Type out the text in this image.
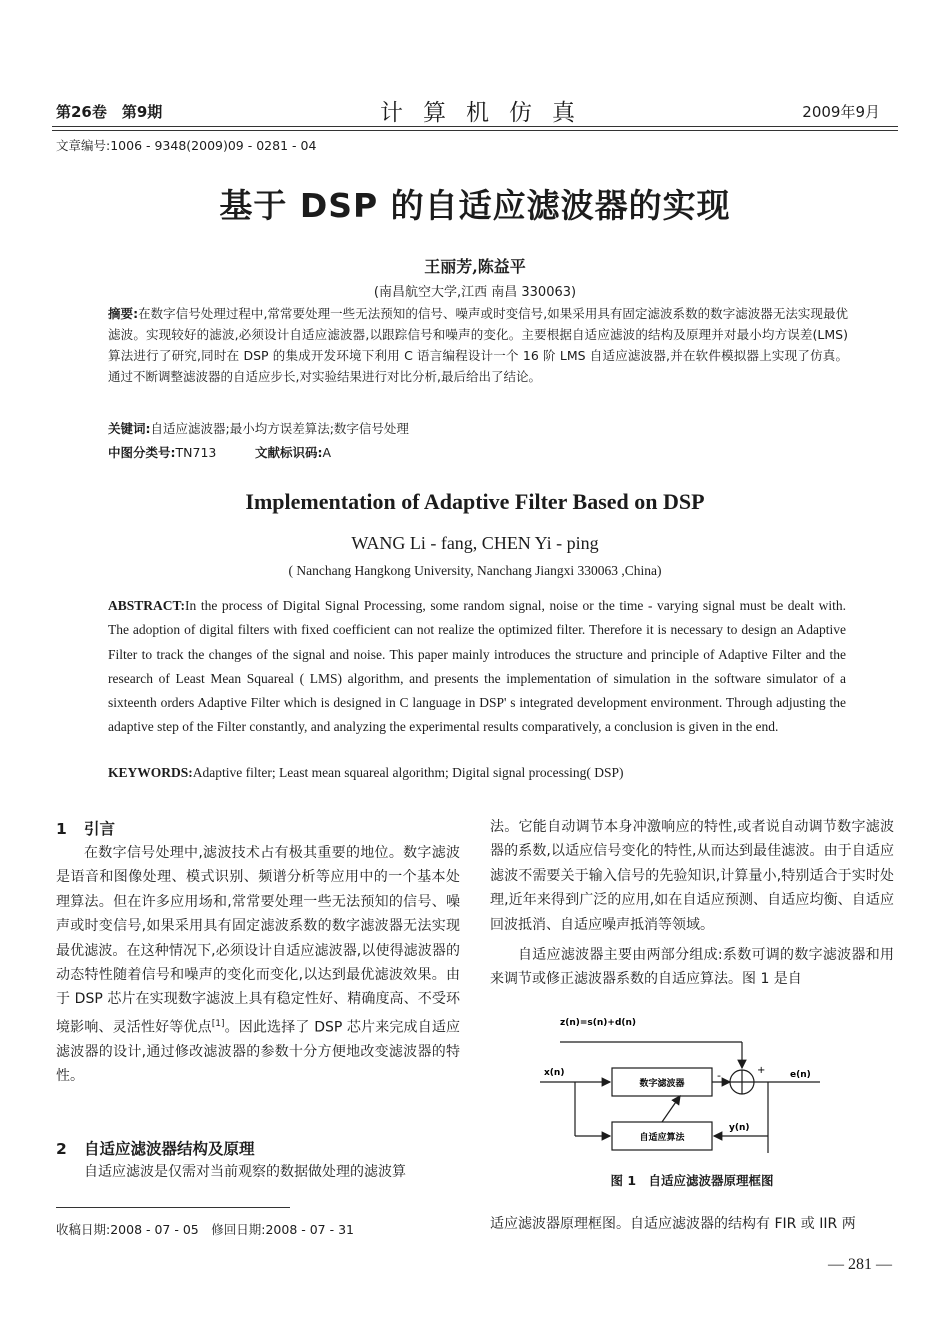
第26卷　第9期	计算机仿真	2009年9月
文章编号:1006 - 9348(2009)09 - 0281 - 04
基于 DSP 的自适应滤波器的实现
王丽芳,陈益平
(南昌航空大学,江西 南昌 330063)
摘要:在数字信号处理过程中,常常要处理一些无法预知的信号、噪声或时变信号,如果采用具有固定滤波系数的数字滤波器无法实现最优滤波。实现较好的滤波,必须设计自适应滤波器,以跟踪信号和噪声的变化。主要根据自适应滤波的结构及原理并对最小均方误差(LMS)算法进行了研究,同时在 DSP 的集成开发环境下利用 C 语言编程设计一个 16 阶 LMS 自适应滤波器,并在软件模拟器上实现了仿真。通过不断调整滤波器的自适应步长,对实验结果进行对比分析,最后给出了结论。
关键词:自适应滤波器;最小均方误差算法;数字信号处理
中图分类号:TN713	文献标识码:A
Implementation of Adaptive Filter Based on DSP
WANG Li - fang, CHEN Yi - ping
( Nanchang Hangkong University, Nanchang Jiangxi 330063 ,China)
ABSTRACT:In the process of Digital Signal Processing, some random signal, noise or the time - varying signal must be dealt with. The adoption of digital filters with fixed coefficient can not realize the optimized filter. Therefore it is necessary to design an Adaptive Filter to track the changes of the signal and noise. This paper mainly introduces the structure and principle of Adaptive Filter and the research of Least Mean Squareal ( LMS) algorithm, and presents the implementation of simulation in the software simulator of a sixteenth orders Adaptive Filter which is designed in C language in DSP' s integrated development environment. Through adjusting the adaptive step of the Filter constantly, and analyzing the experimental results comparatively, a conclusion is given in the end.
KEYWORDS:Adaptive filter; Least mean squareal algorithm; Digital signal processing( DSP)
1 引言

在数字信号处理中,滤波技术占有极其重要的地位。数字滤波是语音和图像处理、模式识别、频谱分析等应用中的一个基本处理算法。但在许多应用场和,常常要处理一些无法预知的信号、噪声或时变信号,如果采用具有固定滤波系数的数字滤波器无法实现最优滤波。在这种情况下,必须设计自适应滤波器,以使得滤波器的动态特性随着信号和噪声的变化而变化,以达到最优滤波效果。由于 DSP 芯片在实现数字滤波上具有稳定性好、精确度高、不受环境影响、灵活性好等优点[1]。因此选择了 DSP 芯片来完成自适应滤波器的设计,通过修改滤波器的参数十分方便地改变滤波器的特性。

2 自适应滤波器结构及原理

自适应滤波是仅需对当前观察的数据做处理的滤波算

法。它能自动调节本身冲激响应的特性,或者说自动调节数字滤波器的系数,以适应信号变化的特性,从而达到最佳滤波。由于自适应滤波不需要关于输入信号的先验知识,计算量小,特别适合于实时处理,近年来得到广泛的应用,如在自适应预测、自适应均衡、自适应回波抵消、自适应噪声抵消等领域。

自适应滤波器主要由两部分组成:系数可调的数字滤波器和用来调节或修正滤波器系数的自适应算法。图 1 是自

z(n)=s(n)+d(n)
x(n)
数字滤波器
-	+	e(n)
y(n)
自适应算法
图 1　自适应滤波器原理框图

适应滤波器原理框图。自适应滤波器的结构有 FIR 或 IIR 两

收稿日期:2008 - 07 - 05　修回日期:2008 - 07 - 31
— 281 —
